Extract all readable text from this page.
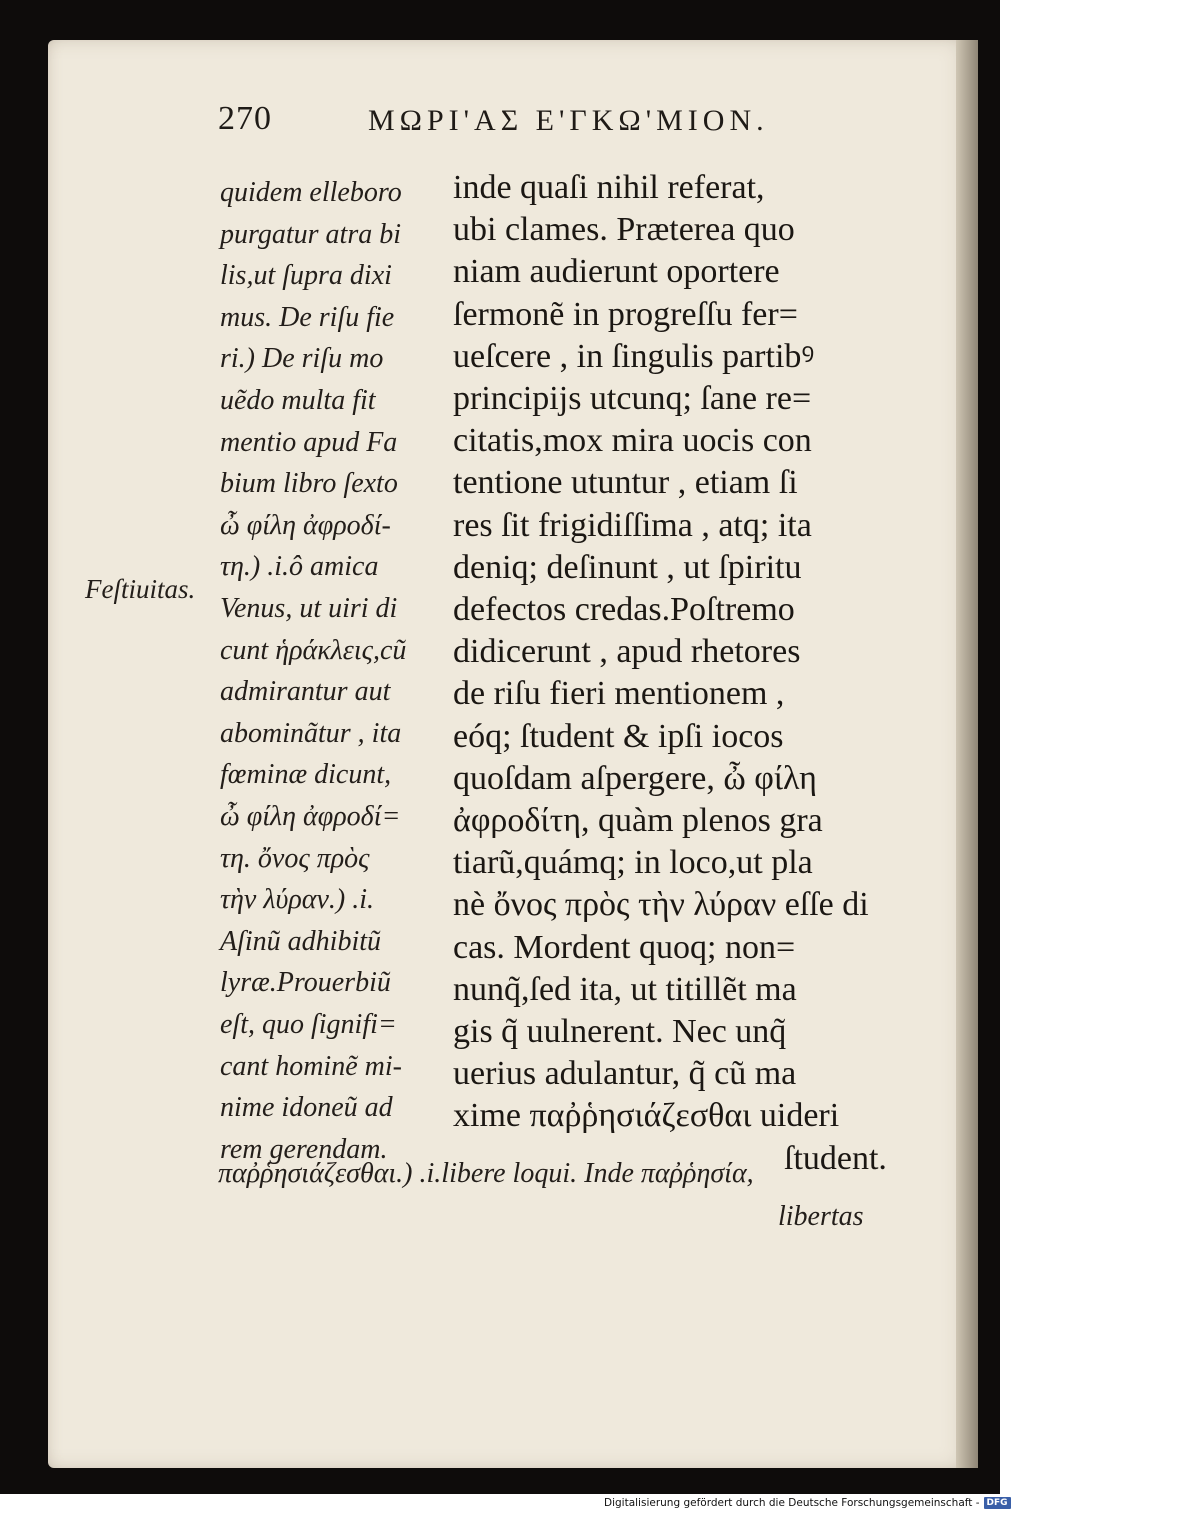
270	ΜΩΡΙ'ΑΣ Ε'ΓΚΩ'ΜΙΟΝ.
quidem elleboro
purgatur atra bi
lis,ut ſupra dixi
mus. De riſu fie
ri.) De riſu mo
uẽdo multa fit
mentio apud Fa
bium libro ſexto
ὦ φίλη ἀφροδί-
τη.) .i.ô amica
Venus, ut uiri di
cunt ἡράκλεις,cũ
admirantur aut
abominãtur , ita
fœminæ dicunt,
ὦ φίλη ἀφροδί=
τη. ὄνος πρὸς
τὴν λύραν.) .i.
Aſinũ adhibitũ
lyræ.Prouerbiũ
eſt, quo ſignifi=
cant hominẽ mi-
nime idoneũ ad
rem gerendam.
inde quaſi nihil referat,
ubi clames. Præterea quo
niam audierunt oportere
ſermonẽ in progreſſu fer=
ueſcere , in ſingulis partibꝰ
principijs utcunq; ſane re=
citatis,mox mira uocis con
tentione utuntur , etiam ſi
res ſit frigidiſſima , atq; ita
deniq; deſinunt , ut ſpiritu
defectos credas.Poſtremo
didicerunt , apud rhetores
de riſu fieri mentionem ,
eóq; ſtudent & ipſi iocos
quoſdam aſpergere, ὦ φίλη
ἀφροδίτη, quàm plenos gra
tiarũ,quámq; in loco,ut pla
nè ὄνος πρὸς τὴν λύραν eſſe di
cas. Mordent quoq; non=
nunq̃,ſed ita, ut titillẽt ma
gis q̃ uulnerent. Nec unq̃
uerius adulantur, q̃ cũ ma
xime παῤῥησιάζεσθαι uideri
ſtudent.
Feſtiuitas.
παῤῥησιάζεσθαι.) .i.libere loqui. Inde παῤῥησία,
libertas
Digitalisierung gefördert durch die Deutsche Forschungsgemeinschaft - DFG
